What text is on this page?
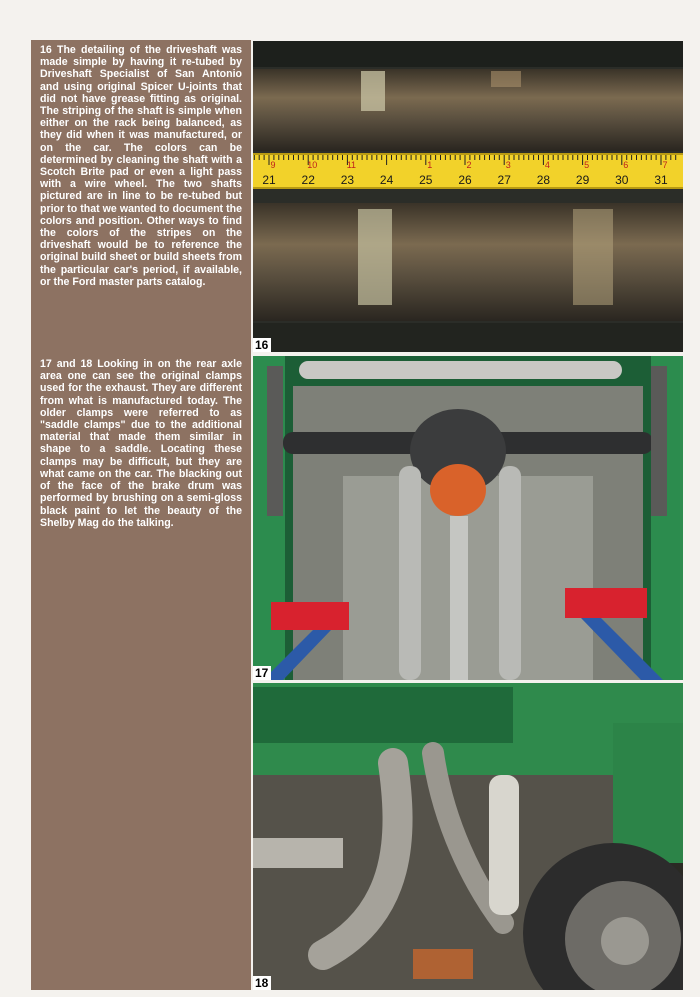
16 The detailing of the driveshaft was made simple by having it re-tubed by Driveshaft Specialist of San Antonio and using original Spicer U-joints that did not have grease fitting as original. The striping of the shaft is simple when either on the rack being balanced, as they did when it was manufactured, or on the car. The colors can be determined by cleaning the shaft with a Scotch Brite pad or even a light pass with a wire wheel. The two shafts pictured are in line to be re-tubed but prior to that we wanted to document the colors and position. Other ways to find the colors of the stripes on the driveshaft would be to reference the original build sheet or build sheets from the particular car's period, if available, or the Ford master parts catalog.

17 and 18 Looking in on the rear axle area one can see the original clamps used for the exhaust. They are different from what is manufactured today. The older clamps were referred to as "saddle clamps" due to the additional material that made them similar in shape to a saddle. Locating these clamps may be difficult, but they are what came on the car. The blacking out of the face of the brake drum was performed by brushing on a semi-gloss black paint to let the beauty of the Shelby Mag do the talking.

21
9
22
10
23
11
24 25
1
26
2
27
3
28
4
29
5
30
6
31
7
16
17
18
